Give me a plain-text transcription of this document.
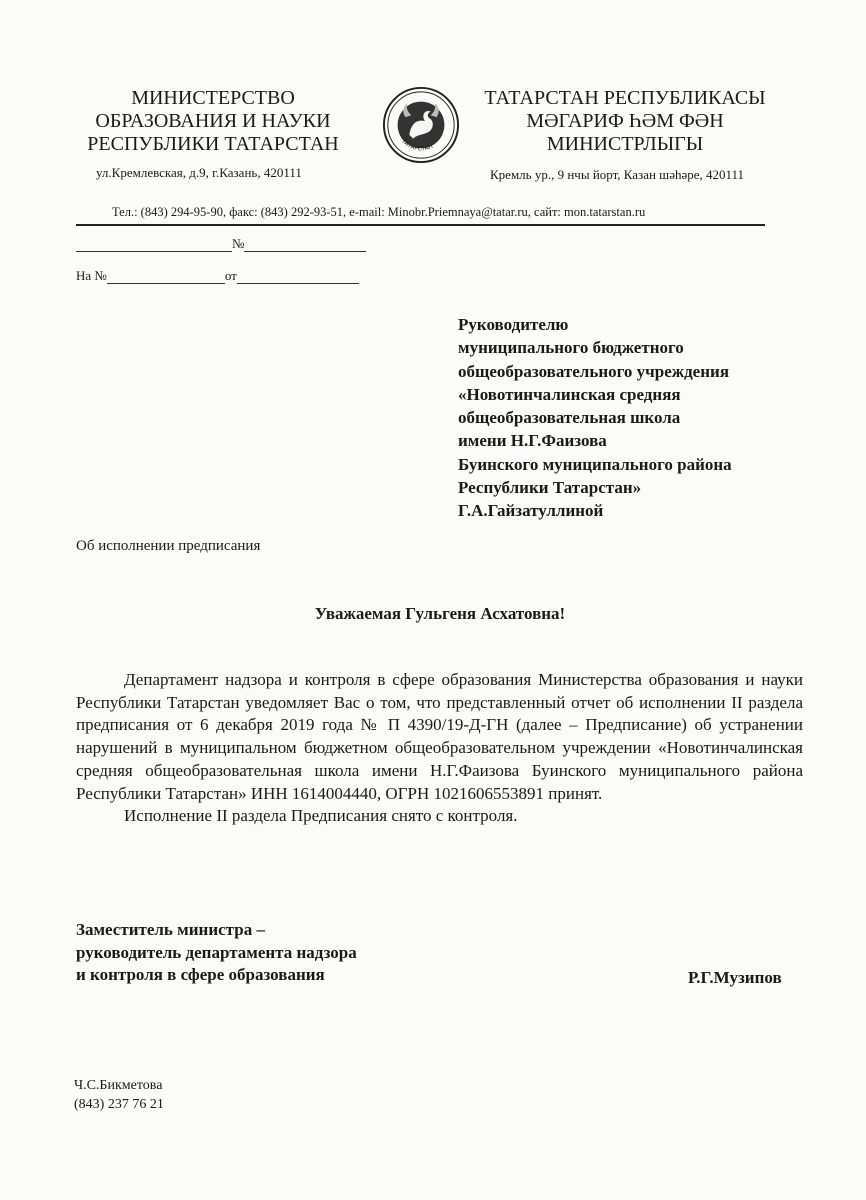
МИНИСТЕРСТВО
ОБРАЗОВАНИЯ И НАУКИ
РЕСПУБЛИКИ ТАТАРСТАН
ул.Кремлевская, д.9, г.Казань, 420111
ТАТАРСТАН
ТАТАРСТАН РЕСПУБЛИКАСЫ
МӘГАРИФ ҺӘМ ФӘН
МИНИСТРЛЫГЫ
Кремль ур., 9 нчы йорт, Казан шәһәре, 420111
Тел.: (843) 294-95-90, факс: (843) 292-93-51, e-mail: Minobr.Priemnaya@tatar.ru, сайт: mon.tatarstan.ru
№
На №	от
Руководителю
муниципального бюджетного
общеобразовательного учреждения
«Новотинчалинская средняя
общеобразовательная школа
имени Н.Г.Фаизова
Буинского муниципального района
Республики Татарстан»
Г.А.Гайзатуллиной
Об исполнении предписания
Уважаемая Гульгеня Асхатовна!

Департамент надзора и контроля в сфере образования Министерства образования и науки Республики Татарстан уведомляет Вас о том, что представленный отчет об исполнении II раздела предписания от 6 декабря 2019 года № П 4390/19-Д-ГН (далее – Предписание) об устранении нарушений в муниципальном бюджетном общеобразовательном учреждении «Новотинчалинская средняя общеобразовательная школа имени Н.Г.Фаизова Буинского муниципального района Республики Татарстан» ИНН 1614004440, ОГРН 1021606553891 принят.

Исполнение II раздела Предписания снято с контроля.

Заместитель министра –
руководитель департамента надзора
и контроля в сфере образования	Р.Г.Музипов
Ч.С.Бикметова
(843) 237 76 21
